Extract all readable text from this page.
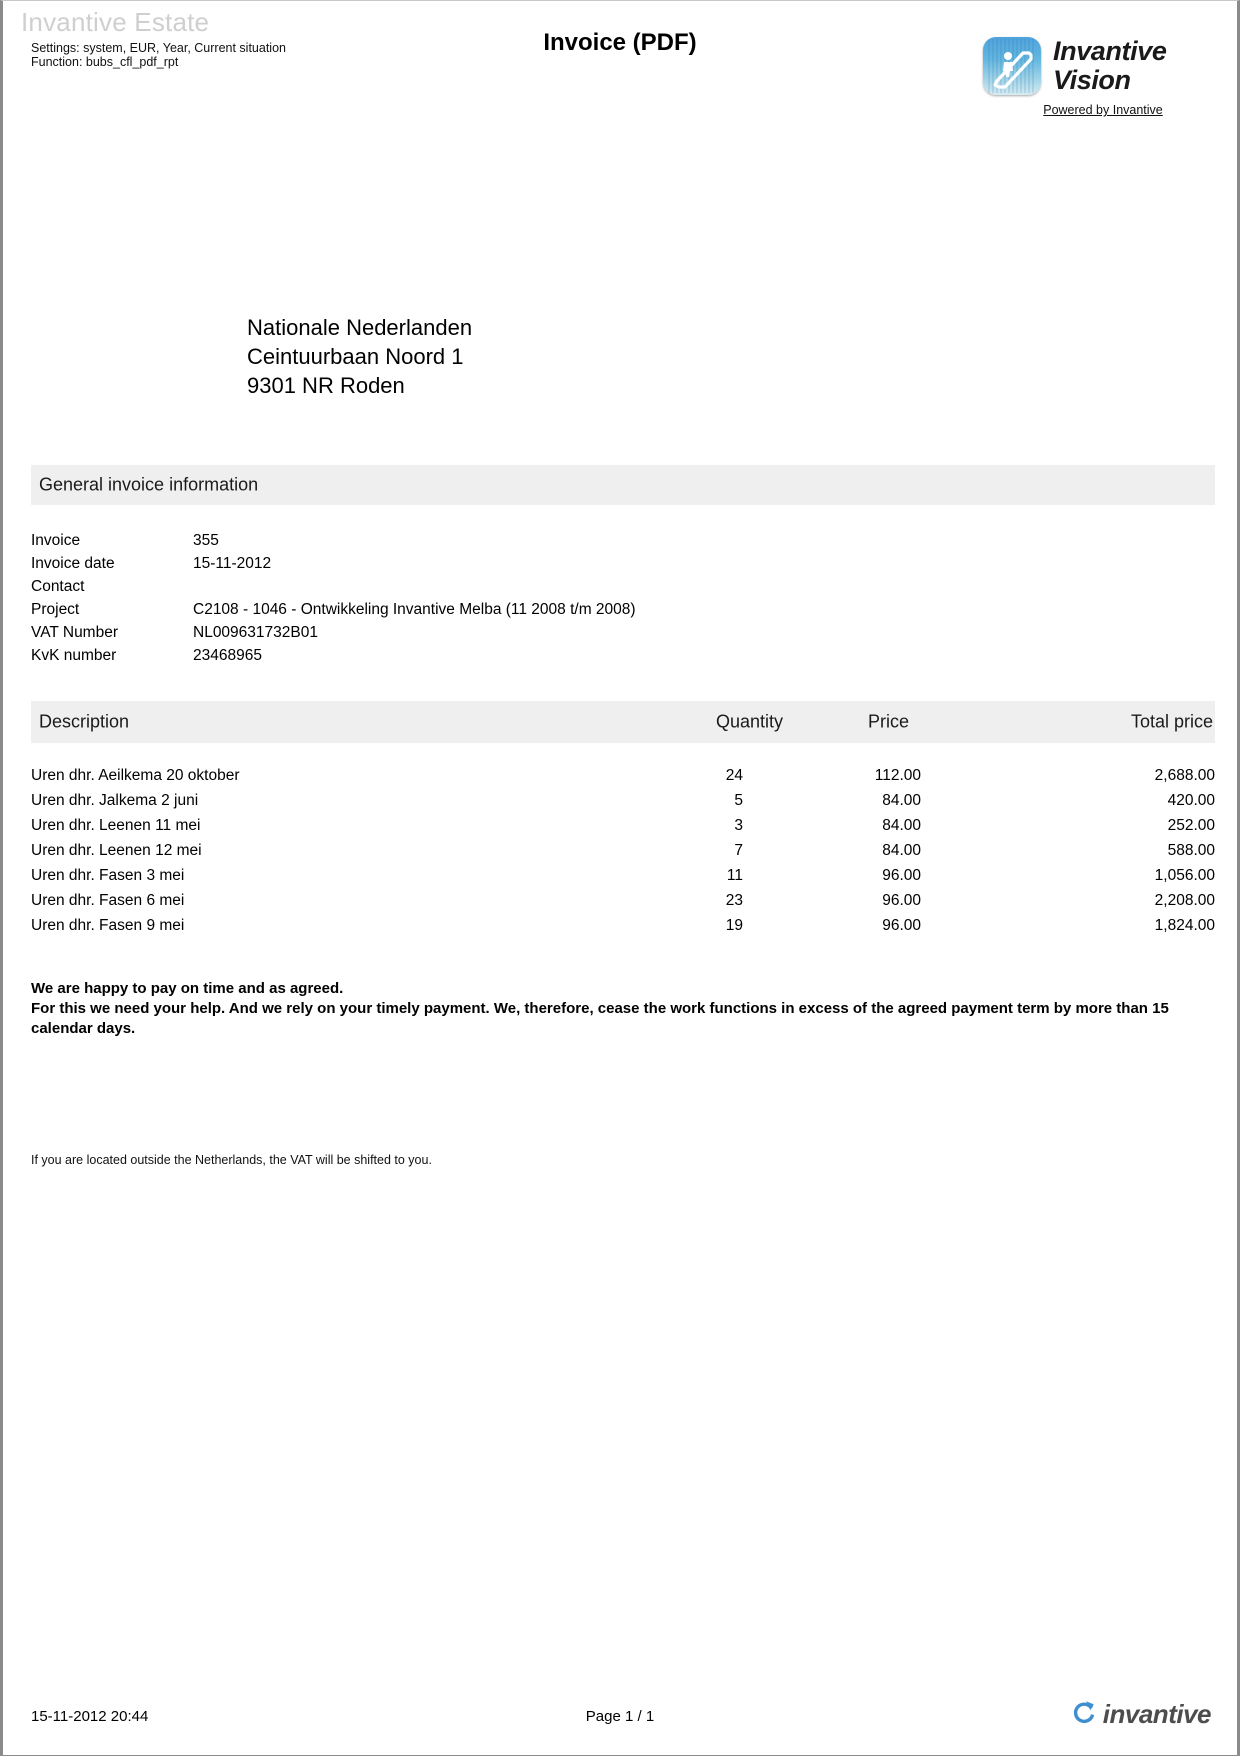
Invantive Estate
Settings: system, EUR, Year, Current situation
Function: bubs_cfl_pdf_rpt
Invoice (PDF)	Invantive
Vision
Powered by Invantive
Nationale Nederlanden
Ceintuurbaan Noord 1
9301 NR Roden
General invoice information
Invoice	355
Invoice date	15-11-2012
Contact
Project	C2108 - 1046 - Ontwikkeling Invantive Melba (11 2008 t/m 2008)
VAT Number	NL009631732B01
KvK number	23468965
Description	Quantity	Price	Total price
Uren dhr. Aeilkema 20 oktober	24	112.00	2,688.00
Uren dhr. Jalkema 2 juni	5	84.00	420.00
Uren dhr. Leenen 11 mei	3	84.00	252.00
Uren dhr. Leenen 12 mei	7	84.00	588.00
Uren dhr. Fasen 3 mei	11	96.00	1,056.00
Uren dhr. Fasen 6 mei	23	96.00	2,208.00
Uren dhr. Fasen 9 mei	19	96.00	1,824.00
We are happy to pay on time and as agreed.
For this we need your help. And we rely on your timely payment. We, therefore, cease the work functions in excess of the agreed payment term by more than 15 calendar days.
If you are located outside the Netherlands, the VAT will be shifted to you.
15-11-2012 20:44	Page 1 / 1	invantive
